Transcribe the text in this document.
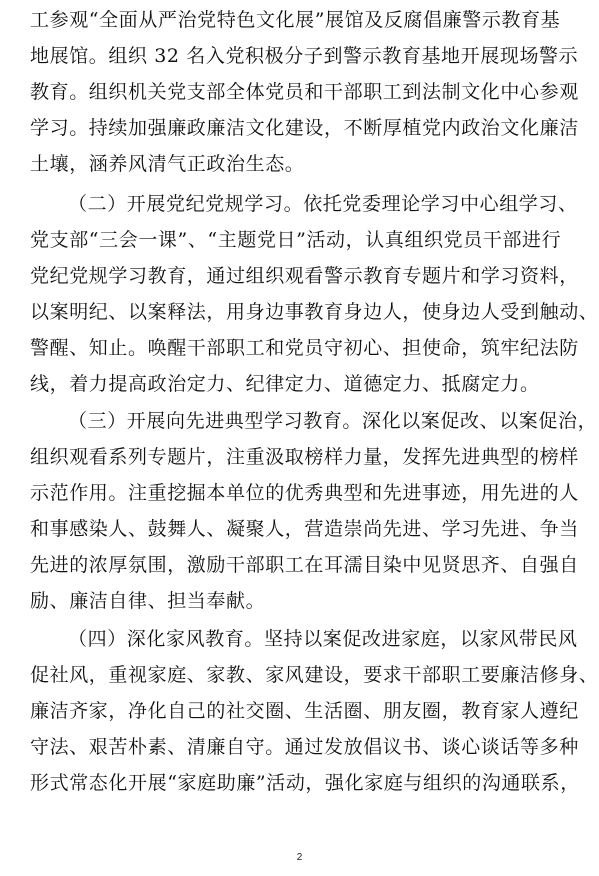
工参观“全面从严治党特色文化展”展馆及反腐倡廉警示教育基
地展馆。组织 32 名入党积极分子到警示教育基地开展现场警示
教育。组织机关党支部全体党员和干部职工到法制文化中心参观
学习。持续加强廉政廉洁文化建设，不断厚植党内政治文化廉洁
土壤，涵养风清气正政治生态。
（二）开展党纪党规学习。依托党委理论学习中心组学习、
党支部“三会一课”、“主题党日”活动，认真组织党员干部进行
党纪党规学习教育，通过组织观看警示教育专题片和学习资料，
以案明纪、以案释法，用身边事教育身边人，使身边人受到触动、
警醒、知止。唤醒干部职工和党员守初心、担使命，筑牢纪法防
线，着力提高政治定力、纪律定力、道德定力、抵腐定力。
（三）开展向先进典型学习教育。深化以案促改、以案促治，
组织观看系列专题片，注重汲取榜样力量，发挥先进典型的榜样
示范作用。注重挖掘本单位的优秀典型和先进事迹，用先进的人
和事感染人、鼓舞人、凝聚人，营造崇尚先进、学习先进、争当
先进的浓厚氛围，激励干部职工在耳濡目染中见贤思齐、自强自
励、廉洁自律、担当奉献。
（四）深化家风教育。坚持以案促改进家庭，以家风带民风
促社风，重视家庭、家教、家风建设，要求干部职工要廉洁修身、
廉洁齐家，净化自己的社交圈、生活圈、朋友圈，教育家人遵纪
守法、艰苦朴素、清廉自守。通过发放倡议书、谈心谈话等多种
形式常态化开展“家庭助廉”活动，强化家庭与组织的沟通联系，
2
